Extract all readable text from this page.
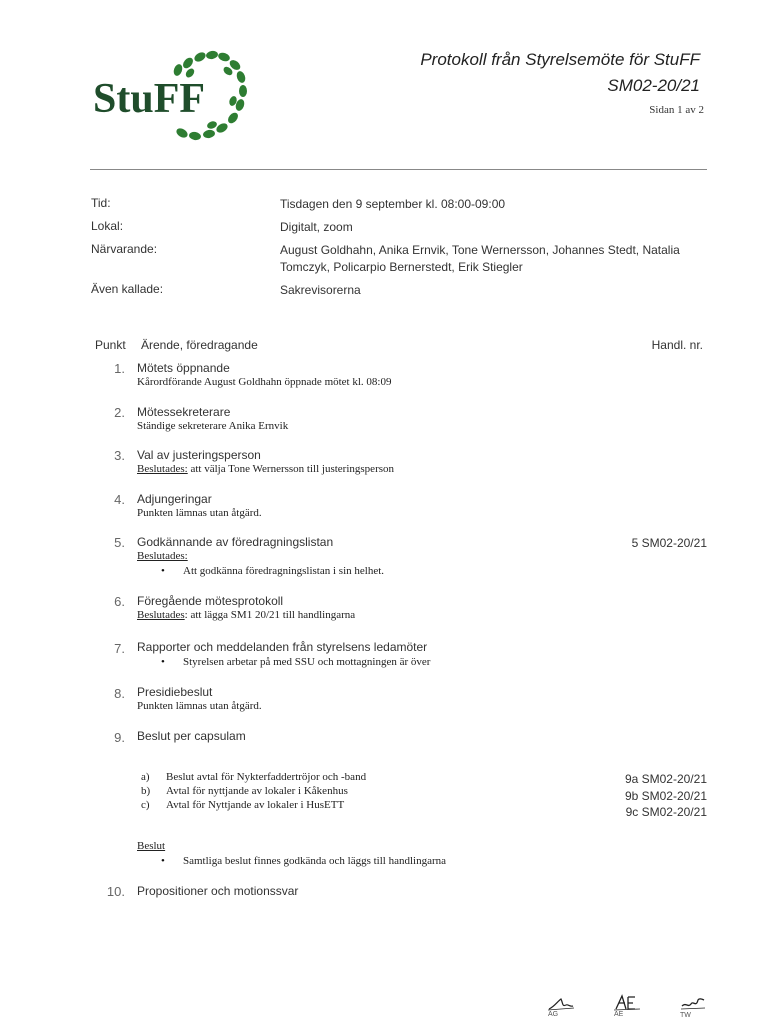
StuFF
Protokoll från Styrelsemöte för StuFF
SM02-20/21
Sidan 1 av 2
Tid:	Tisdagen den 9 september kl. 08:00-09:00
Lokal:	Digitalt, zoom
Närvarande:	August Goldhahn, Anika Ernvik, Tone Wernersson, Johannes Stedt, Natalia Tomczyk, Policarpio Bernerstedt, Erik Stiegler
Även kallade:	Sakrevisorerna
Punkt Ärende, föredragande	Handl. nr.
1. Mötets öppnande
Kårordförande August Goldhahn öppnade mötet kl. 08:09
2. Mötessekreterare
Ständige sekreterare Anika Ernvik
3. Val av justeringsperson
Beslutades: att välja Tone Wernersson till justeringsperson
4. Adjungeringar
Punkten lämnas utan åtgärd.
5. Godkännande av föredragningslistan	5 SM02-20/21
Beslutades:
• Att godkänna föredragningslistan i sin helhet.
6. Föregående mötesprotokoll
Beslutades: att lägga SM1 20/21 till handlingarna
7. Rapporter och meddelanden från styrelsens ledamöter
• Styrelsen arbetar på med SSU och mottagningen är över
8. Presidiebeslut
Punkten lämnas utan åtgärd.
9. Beslut per capsulam
a) Beslut avtal för Nykterfaddertröjor och -band	9a SM02-20/21
b) Avtal för nyttjande av lokaler i Kåkenhus	9b SM02-20/21
c) Avtal för Nyttjande av lokaler i HusETT	9c SM02-20/21
Beslut
• Samtliga beslut finnes godkända och läggs till handlingarna
10. Propositioner och motionssvar
AG	AE	TW
